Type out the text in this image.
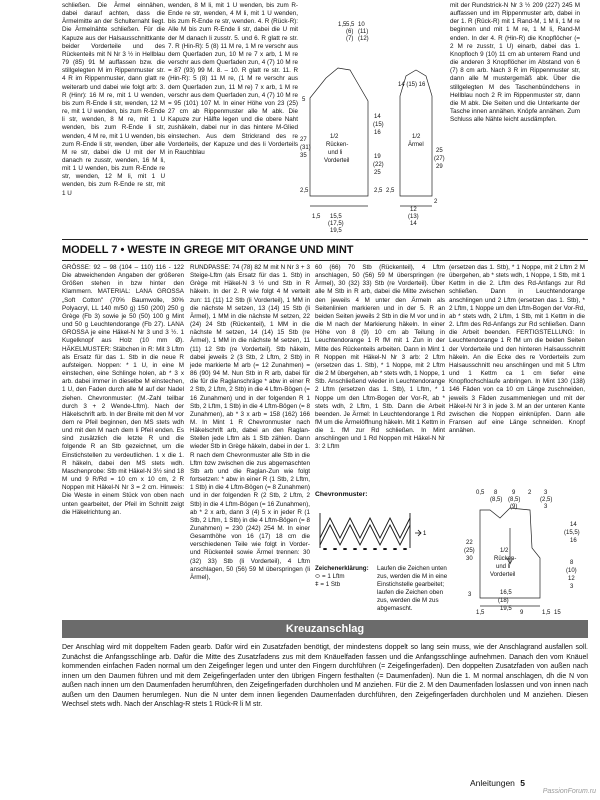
schließen. Die Ärmel einnähen, dabei darauf achten, dass die Ärmelmitte an der Schulternaht liegt. Die Ärmelnähte schließen. Für die Kapuze aus der Halsausschnittkante beider Vorderteile und des Rückenteils mit N Nr 3 ½ in Hellblau 79 (85) 91 M auffassen bzw. die stillgelegten M im Rippenmuster str. 4 R im Rippenmuster, dann glatt re weiterarb und dabei wie folgt arb: 3. R (Hinr): 16 M re, mit 1 U wenden, bis zum R-Ende li str, wenden, 12 M re, mit 1 U wenden, bis zum R-Ende li str, wenden, 8 M re, mit 1 U wenden, bis zum R-Ende li str, wenden, 4 M re, mit 1 U wenden, bis zum R-Ende li str, wenden, über alle M re str, dabei die U mit der M danach re zusstr, wenden, 16 M li, mit 1 U wenden, bis zum R-Ende re str, wenden, 12 M li, mit 1 U wenden, bis zum R-Ende re str, mit 1 U

wenden, 8 M li, mit 1 U wenden, bis zum R-Ende re str, wenden, 4 M li, mit 1 U wenden, bis zum R-Ende re str, wenden. 4. R (Rück-R): Alle M bis zum R-Ende li str, dabei die U mit der M danach li zusstr. 5. und 6. R glatt re str. 7. R (Hin-R): 5 (8) 11 M re, 1 M re verschr aus dem Querfaden zun, 10 M re 7 x arb, 1 M re verschr aus dem Querfaden zun, 4 (7) 10 M re = 87 (93) 99 M. 8. – 10. R glatt re str. 11. R (Hin-R): 5 (8) 11 M re, (1 M re verschr aus dem Querfaden zun, 11 M re) 7 x arb, 1 M re verschr aus dem Querfaden zun, 4 (7) 10 M re = 95 (101) 107 M. In einer Höhe von 23 (25) 27 cm ab Rippenmuster alle M abk. Die Kapuze zur Hälfte legen und die obere Naht zushäkeln, dabei nur in das hintere M-Glied einstechen. Aus dem Strickrand des re Vorderteils, der Kapuze und des li Vorderteils in Rauchblau

1,5 5,5 10
(6) (11)
(7) (12)
5
27
(31)
35
2,5
1,5
1/2
Rücken-
und li
Vorderteil
14
(15)
16
19
(22)
25
2,5
15,5
(17,5)
19,5
14 (15) 16
1/2
Ärmel
25
(27)
29
2,5
12
(13)
14
2

mit der Rundstrick-N Nr 3 ½ 209 (227) 245 M auffassen und im Rippenmuster arb, dabei in der 1. R (Rück-R) mit 1 Rand-M, 1 M li, 1 M re beginnen und mit 1 M re, 1 M li, Rand-M enden. In der 4. R (Hin-R) die Knopflöcher (= 2 M re zusstr, 1 U) einarb, dabei das 1. Knopfloch 9 (10) 11 cm ab unterem Rand und die anderen 3 Knopflöcher im Abstand von 6 (7) 8 cm arb. Nach 3 R im Rippenmuster str, dann alle M mustergemäß abk. Über die stillgelegten M des Taschenbündchens in Hellblau noch 2 R im Rippenmuster str, dann die M abk. Die Seiten und die Unterkante der Tasche innen annähen. Knöpfe annähen. Zum Schluss alle Nähte leicht ausdämpfen.

MODELL 7 • WESTE IN GREGE MIT ORANGE UND MINT

GRÖSSE: 92 – 98 (104 – 110) 116 - 122 Die abweichenden Angaben der größeren Größen stehen in bzw hinter den Klammern. MATERIAL: LANA GROSSA „Soft Cotton" (70% Baumwolle, 30% Polyacryl, LL 140 m/50 g) 150 (200) 250 g Grège (Fb 3) sowie je 50 (50) 100 g Mint und 50 g Leuchtendorange (Fb 27). LANA GROSSA je eine Häkel-N Nr 3 und 3 ½. 1 Kugelknopf aus Holz (10 mm Ø). HÄKELMUSTER: Stäbchen in R: Mit 3 Lftm als Ersatz für das 1. Stb in die neue R aufsteigen. Noppen: * 1 U, in eine M einstechen, eine Schlinge holen, ab * 3 x arb. dabei immer in dieselbe M einstechen, 1 U, den Faden durch alle M auf der Nadel ziehen. Chevronmuster: (M.-Zahl teilbar durch 3 + 2 Wende-Lftm). Nach der Häkelschrift arb. In der Breite mit den M vor dem re Pfeil beginnen, den MS stets wdh und mit den M nach dem li Pfeil enden. Es sind zusätzlich die letzte R und die folgende R an Stb gezeichnet, um die Einstichstellen zu verdeutlichen. 1 x die 1. R häkeln, dabei den MS stets wdh. Maschenprobe: Stb mit Häkel-N 3½ sind 18 M und 9 R/Rd = 10 cm x 10 cm, 2 R Noppen mit Häkel-N Nr 3 = 2 cm. Hinweis: Die Weste in einem Stück von oben nach unten gearbeitet, der Pfeil im Schnitt zeigt die Häkelrichtung an.

RUNDPASSE: 74 (78) 82 M mit N Nr 3 + 3 Steige-Lftm (als Ersatz für das 1. Stb) in Grège mit Häkel-N 3 ½ und Stb in R häkeln. In der 2. R wie folgt 4 M verteilt zun: 11 (11) 12 Stb (li Vorderteil), 1 MM in die nächste M setzen, 13 (14) 15 Stb (li Ärmel), 1 MM in die nächste M setzen, 22 (24) 24 Stb (Rückenteil), 1 MM in die nächste M setzen, 14 (14) 15 Stb (re Ärmel), 1 MM in die nächste M setzen, 11 (11) 12 Stb (re Vorderteil). Stb häkeln, dabei jeweils 2 (3 Stb, 2 Lftm, 2 Stb) in jede markierte M arb (= 12 Zunahmen) = 86 (90) 94 M. Nun Stb in R arb, dabei für die für die Raglanschräge * abw in einer R 2 Stb, 2 Lftm, 2 Stb) in die 4 Lftm-Bögen (= 16 Zunahmen) und in der folgenden R 1 Stb, 2 Lftm, 1 Stb) in die 4 Lftm-Bögen (= 8 Zunahmen), ab * 3 x arb = 158 (162) 166 M. In Mint 1 R Chevronmuster nach Häkelschrift arb, dabei an den Raglan-Stellen jede Lftm als 1 Stb zählen. Dann wieder Stb in Grège häkeln, dabei in der 1. R nach dem Chevronmuster alle Stb in die Lftm bzw zwischen die zus abgemaschten Stb arb und die Raglan-Zun wie folgt fortsetzen: * abw in einer R (1 Stb, 2 Lftm, 1 Stb) in die 4 Lftm-Bögen (= 8 Zunahmen) und in der folgenden R (2 Stb, 2 Lftm, 2 Stb) in die 4 Lftm-Bögen (= 16 Zunahmen), ab * 2 x arb, dann 3 (4) 5 x in jeder R (1 Stb, 2 Lftm, 1 Stb) in die 4 Lftm-Bögen (= 8 Zunahmen) = 230 (242) 254 M. In einer Gesamthöhe von 16 (17) 18 cm die verschiedenen Teile wie folgt in Vorder- und Rückenteil sowie Ärmel trennen: 30 (32) 33) Stb (li Vorderteil), 4 Lftm anschlagen, 50 (56) 59 M überspringen (li Ärmel),

60 (66) 70 Stb (Rückenteil), 4 Lftm anschlagen, 50 (56) 59 M überspringen (re Ärmel), 30 (32) 33) Stb (re Vorderteil). Über alle M Stb in R arb, dabei die Mitte zwischen den jeweils 4 M unter den Ärmeln als Seitenlinien markieren und in der 5. R an beiden Seiten jeweils 2 Stb in die M vor und in die M nach der Markierung häkeln. In einer Höhe von 8 (9) 10 cm ab Teilung in Leuchtendorange 1 R fM mit 1 Zun in der Mitte des Rückenteils arbeiten. Dann in Mint 1 R Noppen mit Häkel-N Nr 3 arb: 2 Lftm (ersetzen das 1. Stb), * 1 Noppe, mit 2 Lftm die 2 M übergehen, ab * stets wdh, 1 Noppe, 1 Stb. Anschließend wieder in Leuchtendorange 2 Lftm (ersetzen das 1. Stb), 1 Lftm, * 1 Noppe um den Lftm-Bogen der Vor-R, ab * stets wdh, 2 Lftm, 1 Stb. Dann die Arbeit beenden. Je Ärmel: In Leuchtendorange 1 Rd fM um die Ärmelöffnung häkeln. Mit 1 Kettm in die 1. fM zur Rd schließen. In Mint anschlingen und 1 Rd Noppen mit Häkel-N Nr 3: 2 Lftm

(ersetzen das 1. Stb), * 1 Noppe, mit 2 Lftm 2 M übergehen, ab * stets wdh, 1 Noppe, 1 Stb, mit 1 Kettm in die 2. Lftm des Rd-Anfangs zur Rd schließen. Dann in Leuchtendorange anschlingen und 2 Lftm (ersetzen das 1. Stb), * 2 Lftm, 1 Noppe um den Lftm-Bogen der Vor-Rd, ab * stets wdh, 2 Lftm, 1 Stb, mit 1 Kettm in die 2. Lftm des Rd-Anfangs zur Rd schließen. Dann die Arbeit beenden. FERTIGSTELLUNG: In Leuchtendorange 1 R fM um die beiden Seiten der Vorderteile und den hinteren Halsausschnitt häkeln. An die Ecke des re Vorderteils zum Halsausschnitt neu anschlingen und mit 5 Lftm und 1 Kettm ca 1 cm tiefer eine Knopflochschlaufe anbringen. In Mint 130 (138) 146 Fäden von ca 10 cm Länge zuschneiden, jeweils 3 Fäden zusammenlegen und mit der Häkel-N Nr 3 in jede 3. M an der unteren Kante zwischen die Noppen einknüpfen. Dann alle Fransen auf eine Länge schneiden. Knopf annähen.

Chevronmuster:
1
Zeichenerklärung:
⬭ = 1 Lftm
ǂ = 1 Stb
Laufen die Zeichen unten zus, werden die M in eine Einstichstelle gearbeitet; laufen die Zeichen oben zus, werden die M zus abgemascht.
0,5 8
(8,5)
9
(8,5)
2
(9)
3
(2,5)
3
22
(25)
30
3
1/2
Rücken-
und li
Vorderteil
14
(15,5)
16
8
(10)
12
3
16,5
(18)
19,5
1,5	1,5
9	15
Kreuzanschlag
Der Anschlag wird mit doppeltem Faden gearb. Dafür wird ein Zusatzfaden benötigt, der mindestens doppelt so lang sein muss, wie der Anschlagrand ausfallen soll. Zunächst die Anfangsschlinge arb. Dafür die Mitte des Zusatzfadens zus mit dem Knäuelfaden fassen und die Anfangsschlinge aufnehmen. Danach den vom Knäuel kommenden einfachen Faden normal um den Zeigefinger legen und unter den Fingern durchführen (= Zeigefingerfaden). Den doppelten Zusatzfaden von außen nach innen um den Daumen führen und mit dem Zeigefingerfaden unter den übrigen Fingern festhalten (= Daumenfaden). Nun die 1. M normal anschlagen, dh die N von außen nach innen um den Daumenfaden herumführen, den Zeigefingerfaden durchholen und M anziehen. Für die 2. M den Daumenfaden loslassen und von innen nach außen um den Daumen herumlegen. Nun die N unter dem innen liegenden Daumenfaden durchführen, den Zeigefingerfaden durchholen und M anziehen. Diesen Wechsel stets wdh. Nach der Anschlag-R stets 1 Rück-R li M str.
Anleitungen 5
PassionForum.ru
